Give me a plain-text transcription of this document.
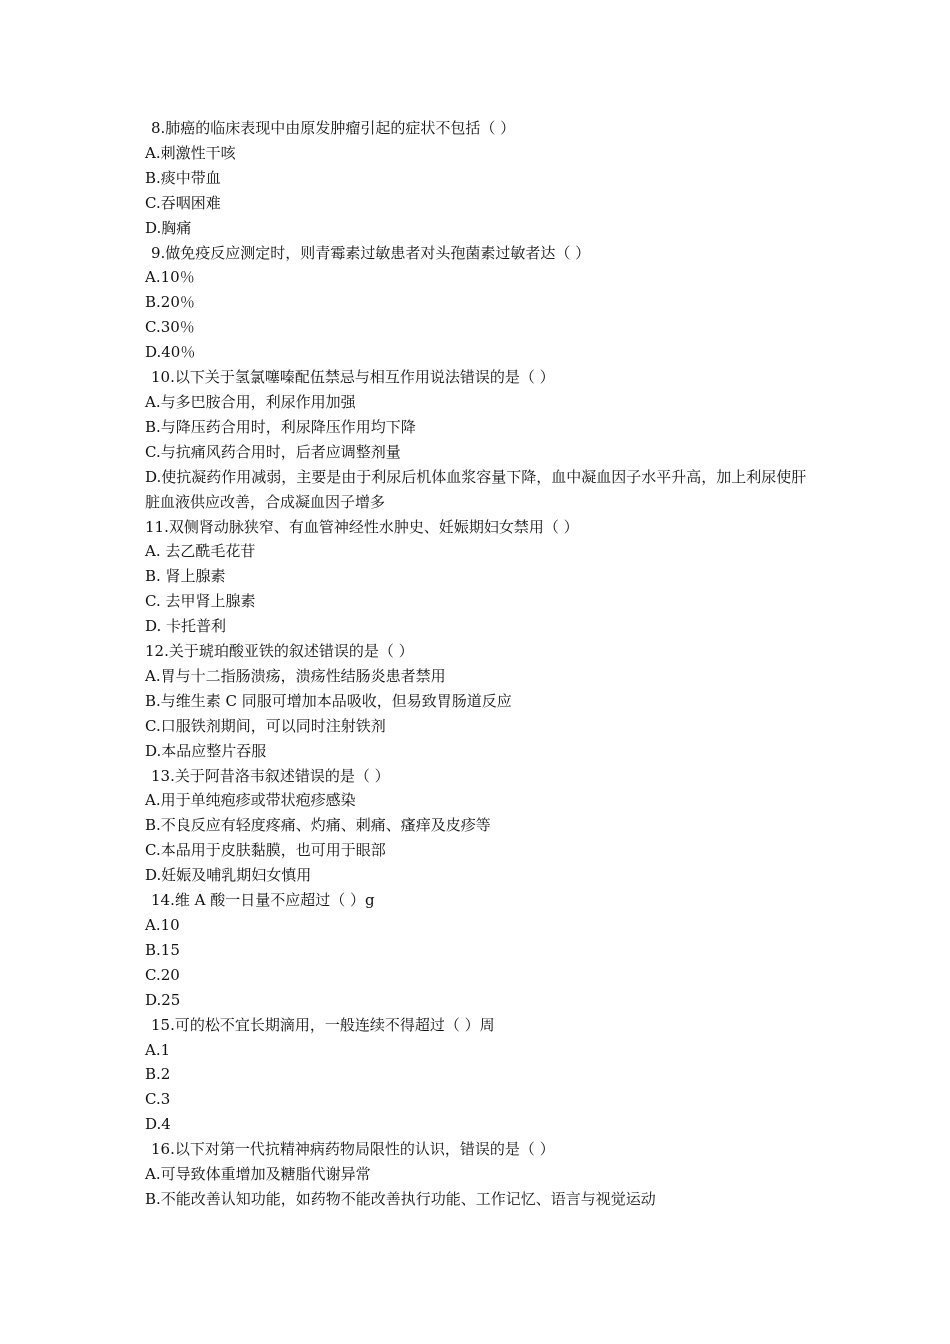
8.肺癌的临床表现中由原发肿瘤引起的症状不包括（ ）
A.刺激性干咳
B.痰中带血
C.吞咽困难
D.胸痛
9.做免疫反应测定时，则青霉素过敏患者对头孢菌素过敏者达（ ）
A.10％
B.20％
C.30％
D.40％
10.以下关于氢氯噻嗪配伍禁忌与相互作用说法错误的是（ ）
A.与多巴胺合用，利尿作用加强
B.与降压药合用时，利尿降压作用均下降
C.与抗痛风药合用时，后者应调整剂量
D.使抗凝药作用减弱，主要是由于利尿后机体血浆容量下降，血中凝血因子水平升高，加上利尿使肝脏血液供应改善，合成凝血因子增多
11.双侧肾动脉狭窄、有血管神经性水肿史、妊娠期妇女禁用（ ）
A. 去乙酰毛花苷
B. 肾上腺素
C. 去甲肾上腺素
D. 卡托普利
12.关于琥珀酸亚铁的叙述错误的是（ ）
A.胃与十二指肠溃疡，溃疡性结肠炎患者禁用
B.与维生素 C 同服可增加本品吸收，但易致胃肠道反应
C.口服铁剂期间，可以同时注射铁剂
D.本品应整片吞服
13.关于阿昔洛韦叙述错误的是（ ）
A.用于单纯疱疹或带状疱疹感染
B.不良反应有轻度疼痛、灼痛、刺痛、瘙痒及皮疹等
C.本品用于皮肤黏膜，也可用于眼部
D.妊娠及哺乳期妇女慎用
14.维 A 酸一日量不应超过（ ）g
A.10
B.15
C.20
D.25
15.可的松不宜长期滴用，一般连续不得超过（ ）周
A.1
B.2
C.3
D.4
16.以下对第一代抗精神病药物局限性的认识，错误的是（ ）
A.可导致体重增加及糖脂代谢异常
B.不能改善认知功能，如药物不能改善执行功能、工作记忆、语言与视觉运动
